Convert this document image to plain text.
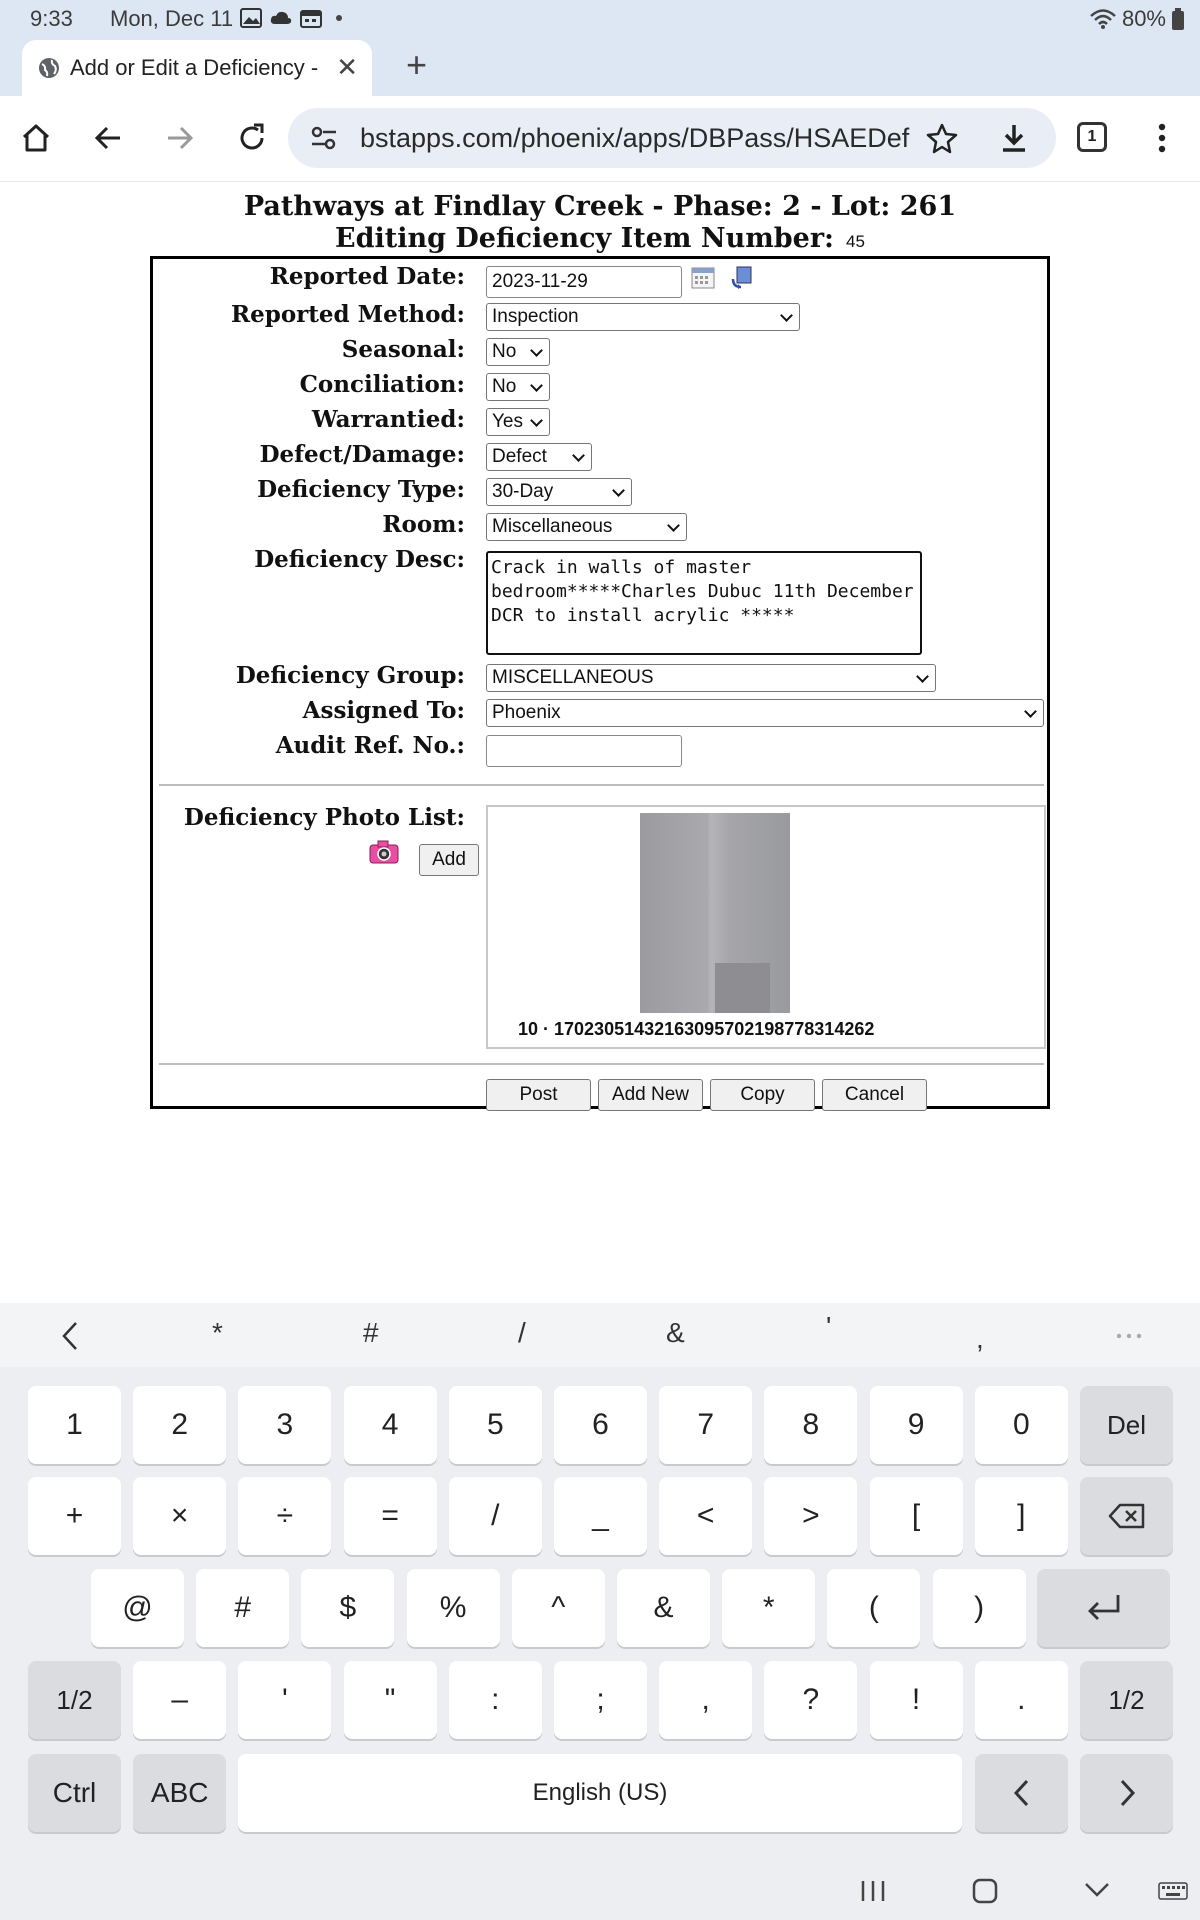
9:33 Mon, Dec 11	80%
Add or Edit a Deficiency - ✕ +
bstapps.com/phoenix/apps/DBPass/HSAEDef	1
Pathways at Findlay Creek - Phase: 2 - Lot: 261
Editing Deficiency Item Number: 45
Reported Date:	2023-11-29
Reported Method:	Inspection
Seasonal:	No
Conciliation:	No
Warrantied:	Yes
Defect/Damage:	Defect
Deficiency Type:	30-Day
Room:	Miscellaneous
Deficiency Desc: Crack in walls of master bedroom*****Charles Dubuc 11th December DCR to install acrylic *****
Deficiency Group:	MISCELLANEOUS
Assigned To:	Phoenix
Audit Ref. No.:
Deficiency Photo List:
Add
10 · 1702305143216309570219877831426​2
Post	Add New	Copy	Cancel
*	#	/	&	'	,
1	2	3	4	5	6	7	8	9	0	Del
+	×	÷	=	/	_	<	>	[	]
@	#	$	%	^	&	*	(	)
1/2	–	'	"	:	;	,	?	!	.	1/2
Ctrl	ABC	English (US)
